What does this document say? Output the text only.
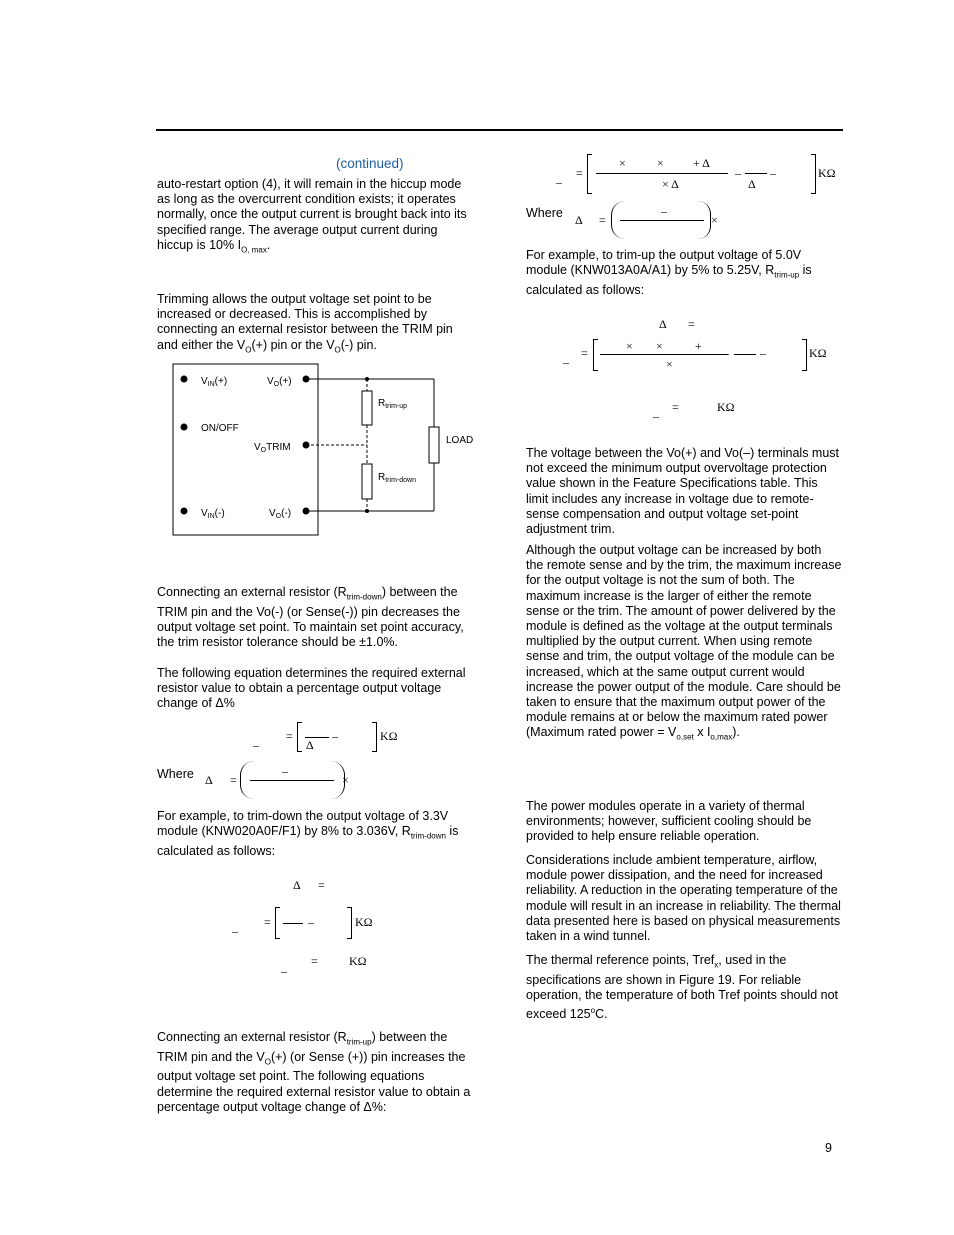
(continued)
auto-restart option (4), it will remain in the hiccup mode as long as the overcurrent condition exists; it operates normally, once the output current is brought back into its specified range. The average output current during hiccup is 10% $I_{O, max}$.
Trimming allows the output voltage set point to be increased or decreased. This is accomplished by connecting an external resistor between the TRIM pin and either the $V_O(+)$ pin or the $V_O(-)$ pin.
$V_{IN}(+)$	$V_O(+)$
ON/OFF
$V_OTRIM$
$V_{IN}(-)$	$V_O(-)$
$R_{trim-up}$
$R_{trim-down}$
LOAD
Connecting an external resistor $(R_{trim-down})$ between the TRIM pin and the Vo(-) (or Sense(-)) pin decreases the output voltage set point. To maintain set point accuracy, the trim resistor tolerance should be ±1.0%.
The following equation determines the required external resistor value to obtain a percentage output voltage change of Δ%
_ =
Δ
–	KΩ
Where Δ =
–
×
For example, to trim-down the output voltage of 3.3V module (KNW020A0F/F1) by 8% to 3.036V, $R_{trim-down}$ is calculated as follows:
Δ =
_ =	–	KΩ
_ =	KΩ
Connecting an external resistor $(R_{trim-up})$ between the TRIM pin and the $V_O(+)$ (or Sense (+)) pin increases the output voltage set point. The following equations determine the required external resistor value to obtain a percentage output voltage change of Δ%:
_ =
×	× + Δ
× Δ
–
Δ
–	KΩ
Where Δ =
–
×
For example, to trim-up the output voltage of 5.0V module (KNW013A0A/A1) by 5% to 5.25V, $R_{trim-up}$ is calculated as follows:
Δ =
_ =	× ×	+
×
–	–	KΩ
_ =	KΩ
The voltage between the Vo(+) and Vo(–) terminals must not exceed the minimum output overvoltage protection value shown in the Feature Specifications table. This limit includes any increase in voltage due to remote-sense compensation and output voltage set-point adjustment trim.
Although the output voltage can be increased by both the remote sense and by the trim, the maximum increase for the output voltage is not the sum of both. The maximum increase is the larger of either the remote sense or the trim. The amount of power delivered by the module is defined as the voltage at the output terminals multiplied by the output current. When using remote sense and trim, the output voltage of the module can be increased, which at the same output current would increase the power output of the module. Care should be taken to ensure that the maximum output power of the module remains at or below the maximum rated power (Maximum rated power = $V_{o,set}$ x $I_{o,max}$).
The power modules operate in a variety of thermal environments; however, sufficient cooling should be provided to help ensure reliable operation.
Considerations include ambient temperature, airflow, module power dissipation, and the need for increased reliability. A reduction in the operating temperature of the module will result in an increase in reliability. The thermal data presented here is based on physical measurements taken in a wind tunnel.
The thermal reference points, Tref$_x$, used in the specifications are shown in Figure 19. For reliable operation, the temperature of both Tref points should not exceed 125$^o$C.
9
